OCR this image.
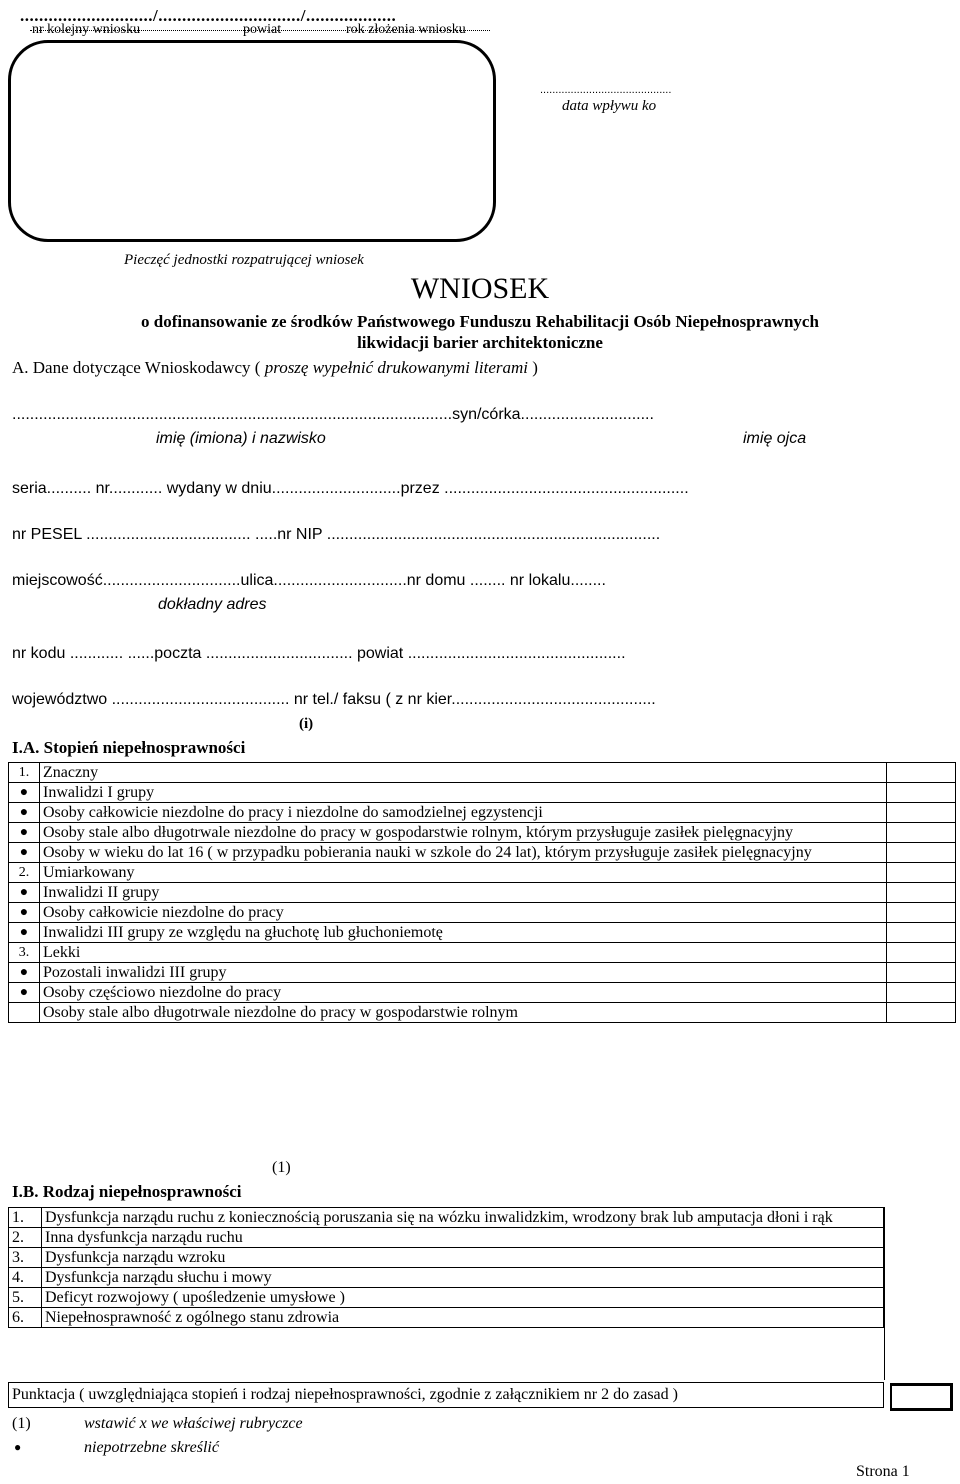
............................/............................../...................
nr kolejny wniosku	powiat	rok złożenia wniosku
...........................................
data wpływu ko
Pieczęć jednostki rozpatrującej wniosek
WNIOSEK
o dofinansowanie ze środków Państwowego Funduszu Rehabilitacji Osób Niepełnosprawnych
likwidacji barier architektoniczne
A. Dane dotyczące Wnioskodawcy ( proszę wypełnić drukowanymi literami )
...................................................................................................syn/córka..............................
imię (imiona) i nazwisko	imię ojca
seria.......... nr............ wydany w dniu.............................przez .......................................................
nr PESEL ..................................... .....nr NIP ...........................................................................
miejscowość...............................ulica..............................nr domu ........ nr lokalu........
dokładny adres
nr kodu ............ ......poczta ................................. powiat .................................................
województwo ........................................ nr tel./ faksu ( z nr kier..............................................
(i)
I.A. Stopień niepełnosprawności
1.	Znaczny	
●	Inwalidzi I grupy	
●	Osoby całkowicie niezdolne do pracy i niezdolne do samodzielnej egzystencji	
●	Osoby stale albo długotrwale niezdolne do pracy w gospodarstwie rolnym, którym przysługuje zasiłek pielęgnacyjny	
●	Osoby w wieku do lat 16 ( w przypadku pobierania nauki w szkole do 24 lat), którym przysługuje zasiłek pielęgnacyjny	
2.	Umiarkowany	
●	Inwalidzi II grupy	
●	Osoby całkowicie niezdolne do pracy	
●	Inwalidzi III grupy ze względu na głuchotę lub głuchoniemotę	
3.	Lekki	
●	Pozostali inwalidzi III grupy	
●	Osoby częściowo niezdolne do pracy	
	Osoby stale albo długotrwale niezdolne do pracy w gospodarstwie rolnym	
(1)
I.B. Rodzaj niepełnosprawności
1.	Dysfunkcja narządu ruchu z koniecznością poruszania się na wózku inwalidzkim, wrodzony brak lub amputacja dłoni i rąk
2.	Inna dysfunkcja narządu ruchu
3.	Dysfunkcja narządu wzroku
4.	Dysfunkcja narządu słuchu i mowy
5.	Deficyt rozwojowy ( upośledzenie umysłowe )
6.	Niepełnosprawność z ogólnego stanu zdrowia
Punktacja ( uwzględniająca stopień i rodzaj niepełnosprawności, zgodnie z załącznikiem nr 2 do zasad )
(1)	wstawić x we właściwej rubryczce
●	niepotrzebne skreślić
Strona 1
